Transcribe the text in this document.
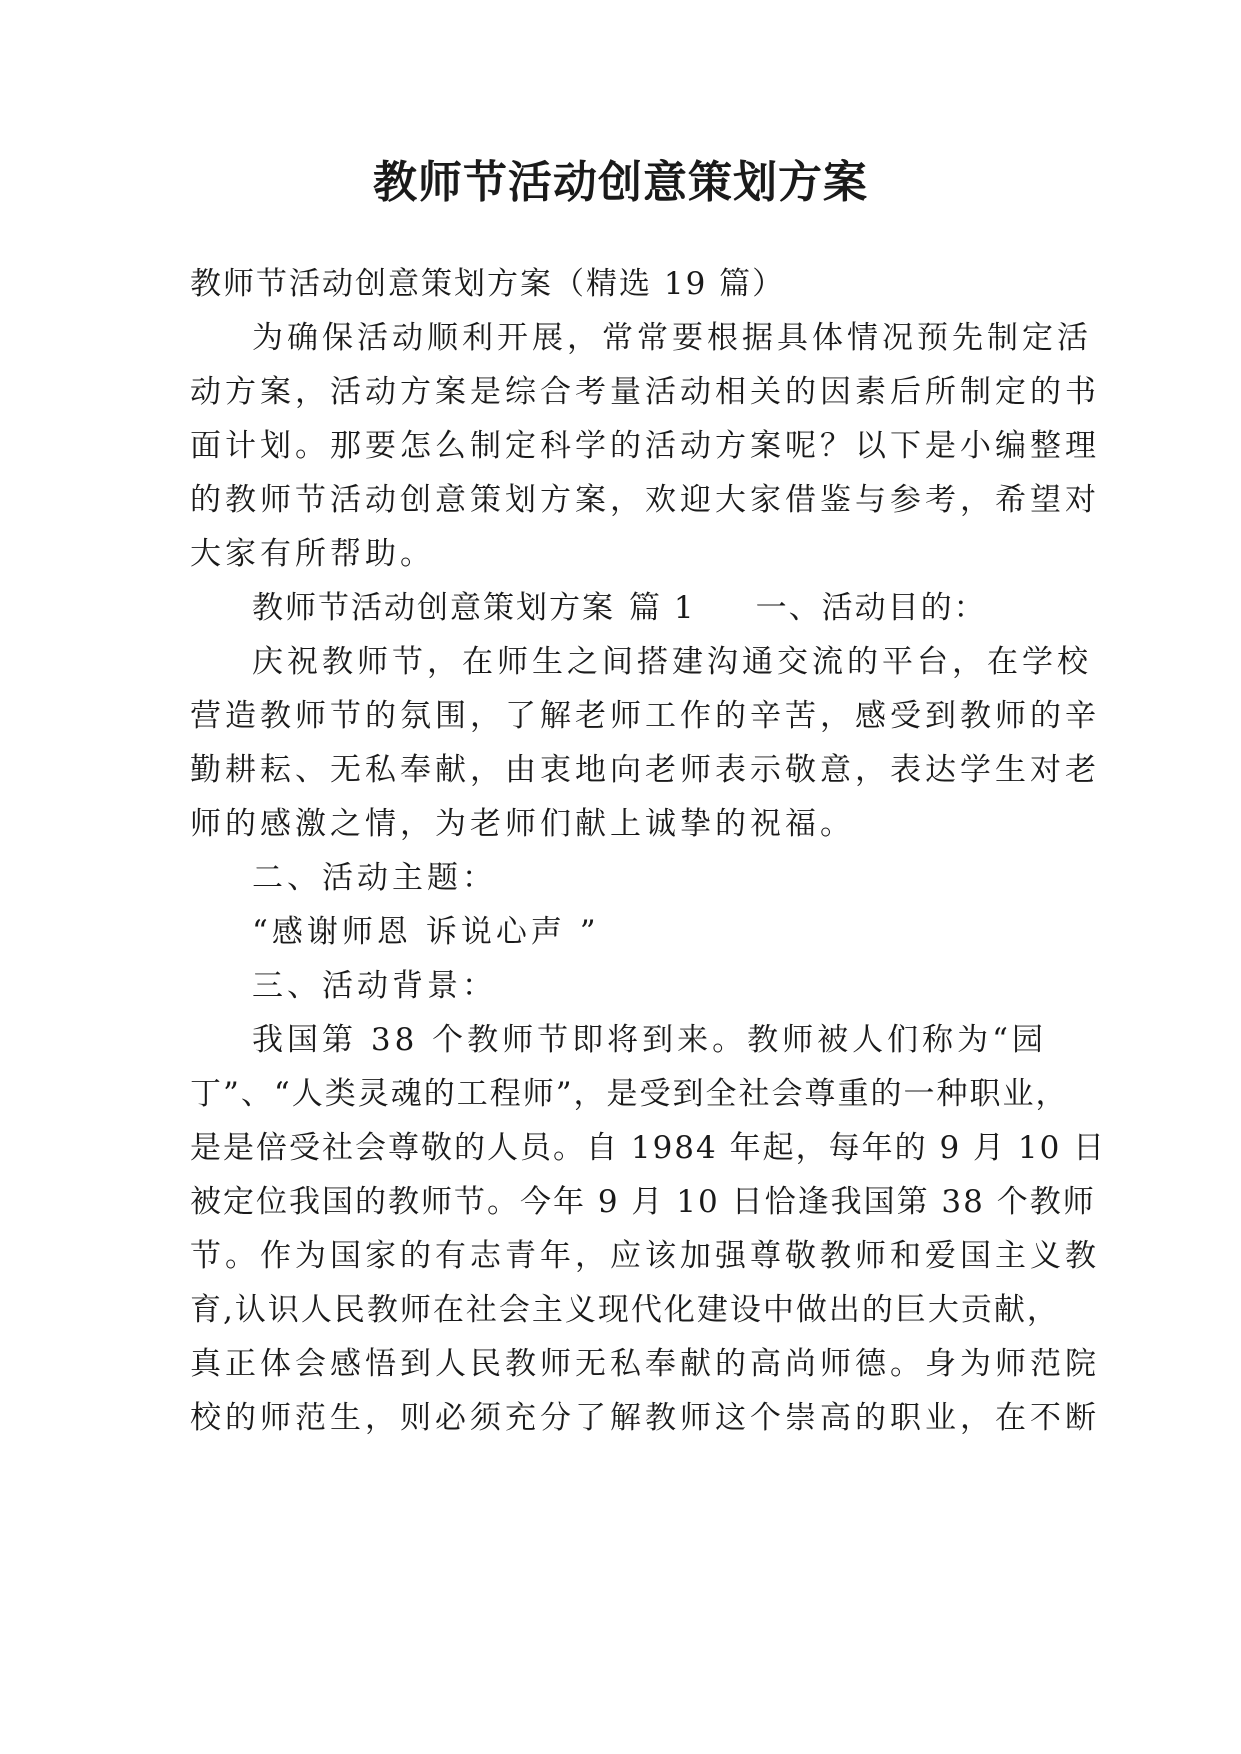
教师节活动创意策划方案
教师节活动创意策划方案（精选 19 篇）
为确保活动顺利开展，常常要根据具体情况预先制定活
动方案，活动方案是综合考量活动相关的因素后所制定的书
面计划。那要怎么制定科学的活动方案呢？以下是小编整理
的教师节活动创意策划方案，欢迎大家借鉴与参考，希望对
大家有所帮助。
教师节活动创意策划方案 篇 1 一、活动目的：
庆祝教师节，在师生之间搭建沟通交流的平台，在学校
营造教师节的氛围，了解老师工作的辛苦，感受到教师的辛
勤耕耘、无私奉献，由衷地向老师表示敬意，表达学生对老
师的感激之情，为老师们献上诚挚的祝福。
二、活动主题：
“感谢师恩 诉说心声 ”
三、活动背景：
我国第 38 个教师节即将到来。教师被人们称为“园
丁”、“人类灵魂的工程师”，是受到全社会尊重的一种职业，
是是倍受社会尊敬的人员。自 1984 年起，每年的 9 月 10 日
被定位我国的教师节。今年 9 月 10 日恰逢我国第 38 个教师
节。作为国家的有志青年，应该加强尊敬教师和爱国主义教
育,认识人民教师在社会主义现代化建设中做出的巨大贡献，
真正体会感悟到人民教师无私奉献的高尚师德。身为师范院
校的师范生，则必须充分了解教师这个崇高的职业，在不断
